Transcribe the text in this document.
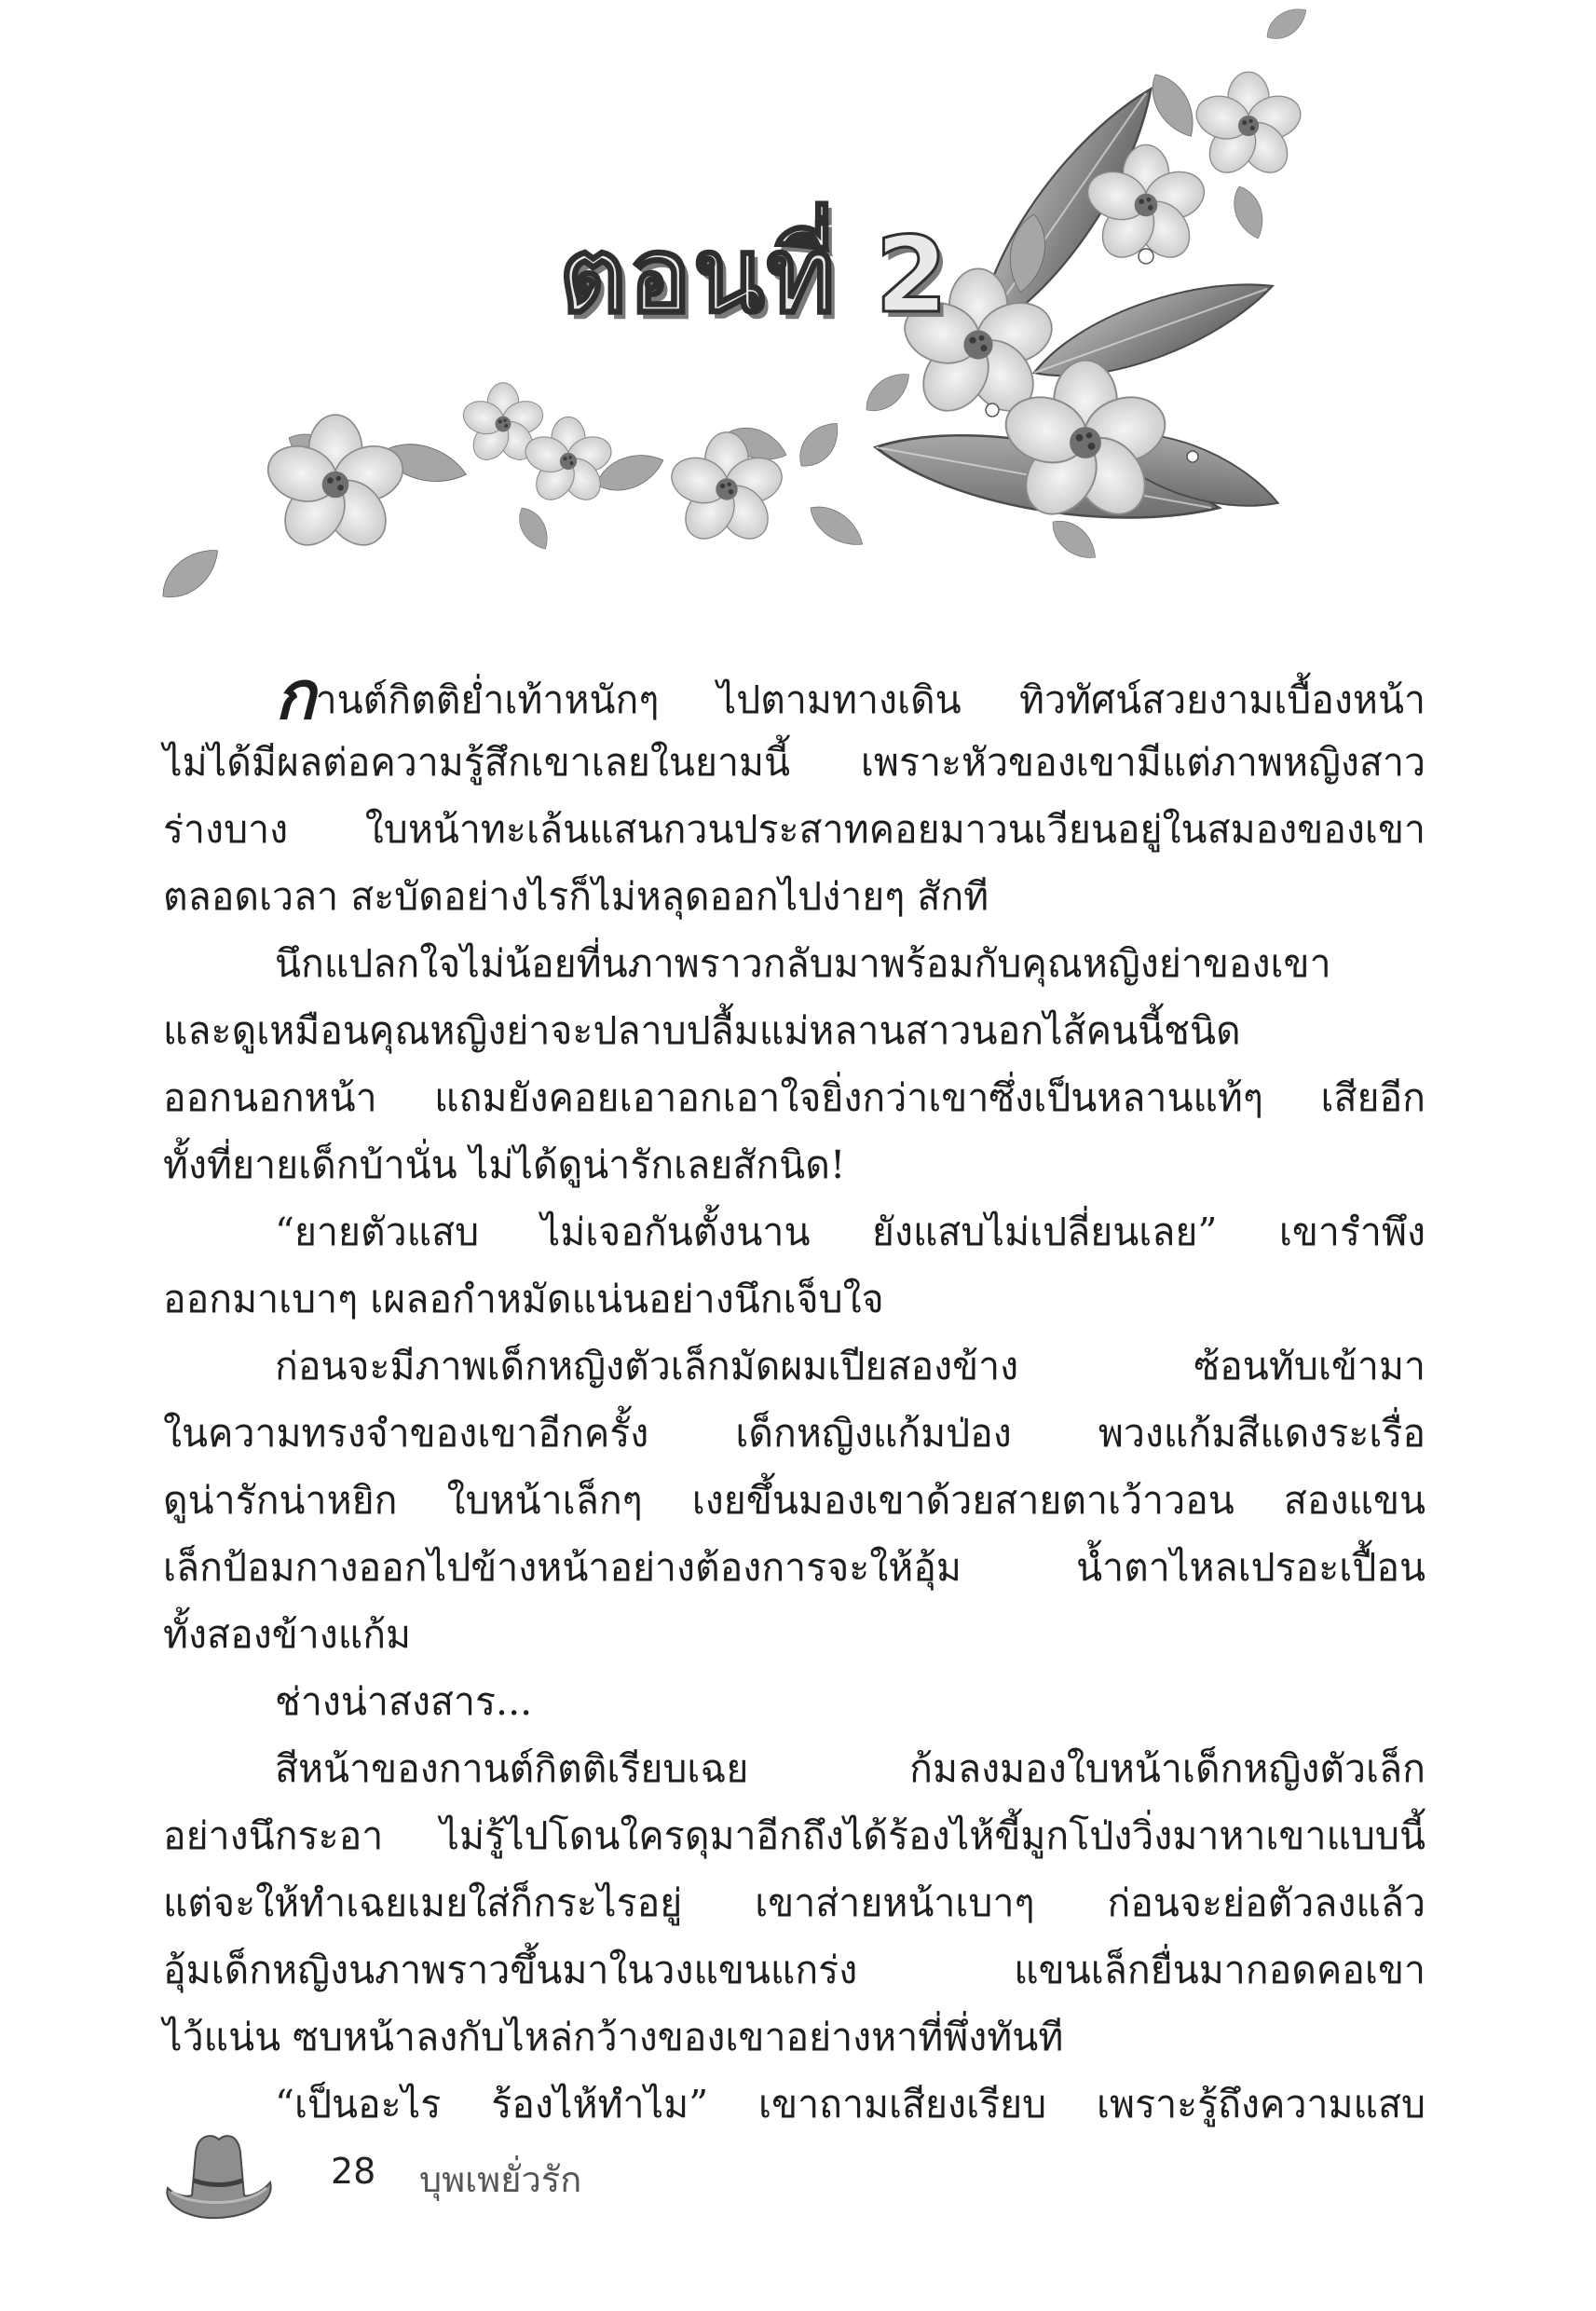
ตอนที่ 2
กานต์กิตติย่ำเท้าหนักๆ ไปตามทางเดิน ทิวทัศน์สวยงามเบื้องหน้า
ไม่ได้มีผลต่อความรู้สึกเขาเลยในยามนี้ เพราะหัวของเขามีแต่ภาพหญิงสาว
ร่างบาง ใบหน้าทะเล้นแสนกวนประสาทคอยมาวนเวียนอยู่ในสมองของเขา
ตลอดเวลา สะบัดอย่างไรก็ไม่หลุดออกไปง่ายๆ สักที
นึกแปลกใจไม่น้อยที่นภาพราวกลับมาพร้อมกับคุณหญิงย่าของเขา
และดูเหมือนคุณหญิงย่าจะปลาบปลื้มแม่หลานสาวนอกไส้คนนี้ชนิด
ออกนอกหน้า แถมยังคอยเอาอกเอาใจยิ่งกว่าเขาซึ่งเป็นหลานแท้ๆ เสียอีก
ทั้งที่ยายเด็กบ้านั่น ไม่ได้ดูน่ารักเลยสักนิด!
“ยายตัวแสบ ไม่เจอกันตั้งนาน ยังแสบไม่เปลี่ยนเลย” เขารำพึง
ออกมาเบาๆ เผลอกำหมัดแน่นอย่างนึกเจ็บใจ
ก่อนจะมีภาพเด็กหญิงตัวเล็กมัดผมเปียสองข้าง ซ้อนทับเข้ามา
ในความทรงจำของเขาอีกครั้ง เด็กหญิงแก้มป่อง พวงแก้มสีแดงระเรื่อ
ดูน่ารักน่าหยิก ใบหน้าเล็กๆ เงยขึ้นมองเขาด้วยสายตาเว้าวอน สองแขน
เล็กป้อมกางออกไปข้างหน้าอย่างต้องการจะให้อุ้ม น้ำตาไหลเปรอะเปื้อน
ทั้งสองข้างแก้ม
ช่างน่าสงสาร...
สีหน้าของกานต์กิตติเรียบเฉย ก้มลงมองใบหน้าเด็กหญิงตัวเล็ก
อย่างนึกระอา ไม่รู้ไปโดนใครดุมาอีกถึงได้ร้องไห้ขี้มูกโป่งวิ่งมาหาเขาแบบนี้
แต่จะให้ทำเฉยเมยใส่ก็กระไรอยู่ เขาส่ายหน้าเบาๆ ก่อนจะย่อตัวลงแล้ว
อุ้มเด็กหญิงนภาพราวขึ้นมาในวงแขนแกร่ง แขนเล็กยื่นมากอดคอเขา
ไว้แน่น ซบหน้าลงกับไหล่กว้างของเขาอย่างหาที่พึ่งทันที
“เป็นอะไร ร้องไห้ทำไม” เขาถามเสียงเรียบ เพราะรู้ถึงความแสบ
28 บุพเพยั่วรัก
